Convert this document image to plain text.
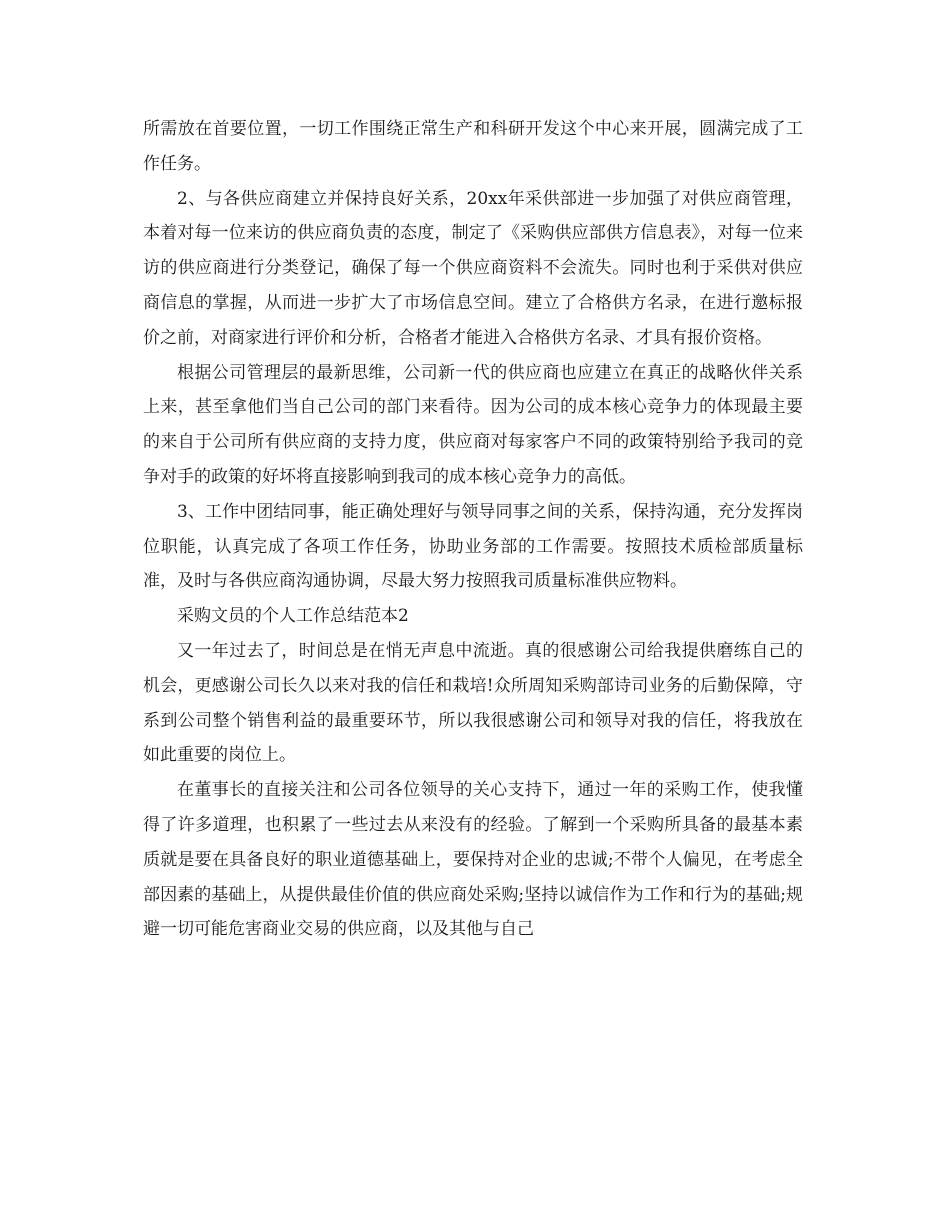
所需放在首要位置，一切工作围绕正常生产和科研开发这个中心来开展，圆满完成了工作任务。

2、与各供应商建立并保持良好关系，20xx年采供部进一步加强了对供应商管理，本着对每一位来访的供应商负责的态度，制定了《采购供应部供方信息表》，对每一位来访的供应商进行分类登记，确保了每一个供应商资料不会流失。同时也利于采供对供应商信息的掌握，从而进一步扩大了市场信息空间。建立了合格供方名录，在进行邀标报价之前，对商家进行评价和分析，合格者才能进入合格供方名录、才具有报价资格。

根据公司管理层的最新思维，公司新一代的供应商也应建立在真正的战略伙伴关系上来，甚至拿他们当自己公司的部门来看待。因为公司的成本核心竞争力的体现最主要的来自于公司所有供应商的支持力度，供应商对每家客户不同的政策特别给予我司的竞争对手的政策的好坏将直接影响到我司的成本核心竞争力的高低。

3、工作中团结同事，能正确处理好与领导同事之间的关系，保持沟通，充分发挥岗位职能，认真完成了各项工作任务，协助业务部的工作需要。按照技术质检部质量标准，及时与各供应商沟通协调，尽最大努力按照我司质量标准供应物料。

采购文员的个人工作总结范本2

又一年过去了，时间总是在悄无声息中流逝。真的很感谢公司给我提供磨练自己的机会，更感谢公司长久以来对我的信任和栽培!众所周知采购部诗司业务的后勤保障，守系到公司整个销售利益的最重要环节，所以我很感谢公司和领导对我的信任，将我放在如此重要的岗位上。

在董事长的直接关注和公司各位领导的关心支持下，通过一年的采购工作，使我懂得了许多道理，也积累了一些过去从来没有的经验。了解到一个采购所具备的最基本素质就是要在具备良好的职业道德基础上，要保持对企业的忠诚;不带个人偏见，在考虑全部因素的基础上，从提供最佳价值的供应商处采购;坚持以诚信作为工作和行为的基础;规避一切可能危害商业交易的供应商，以及其他与自己
